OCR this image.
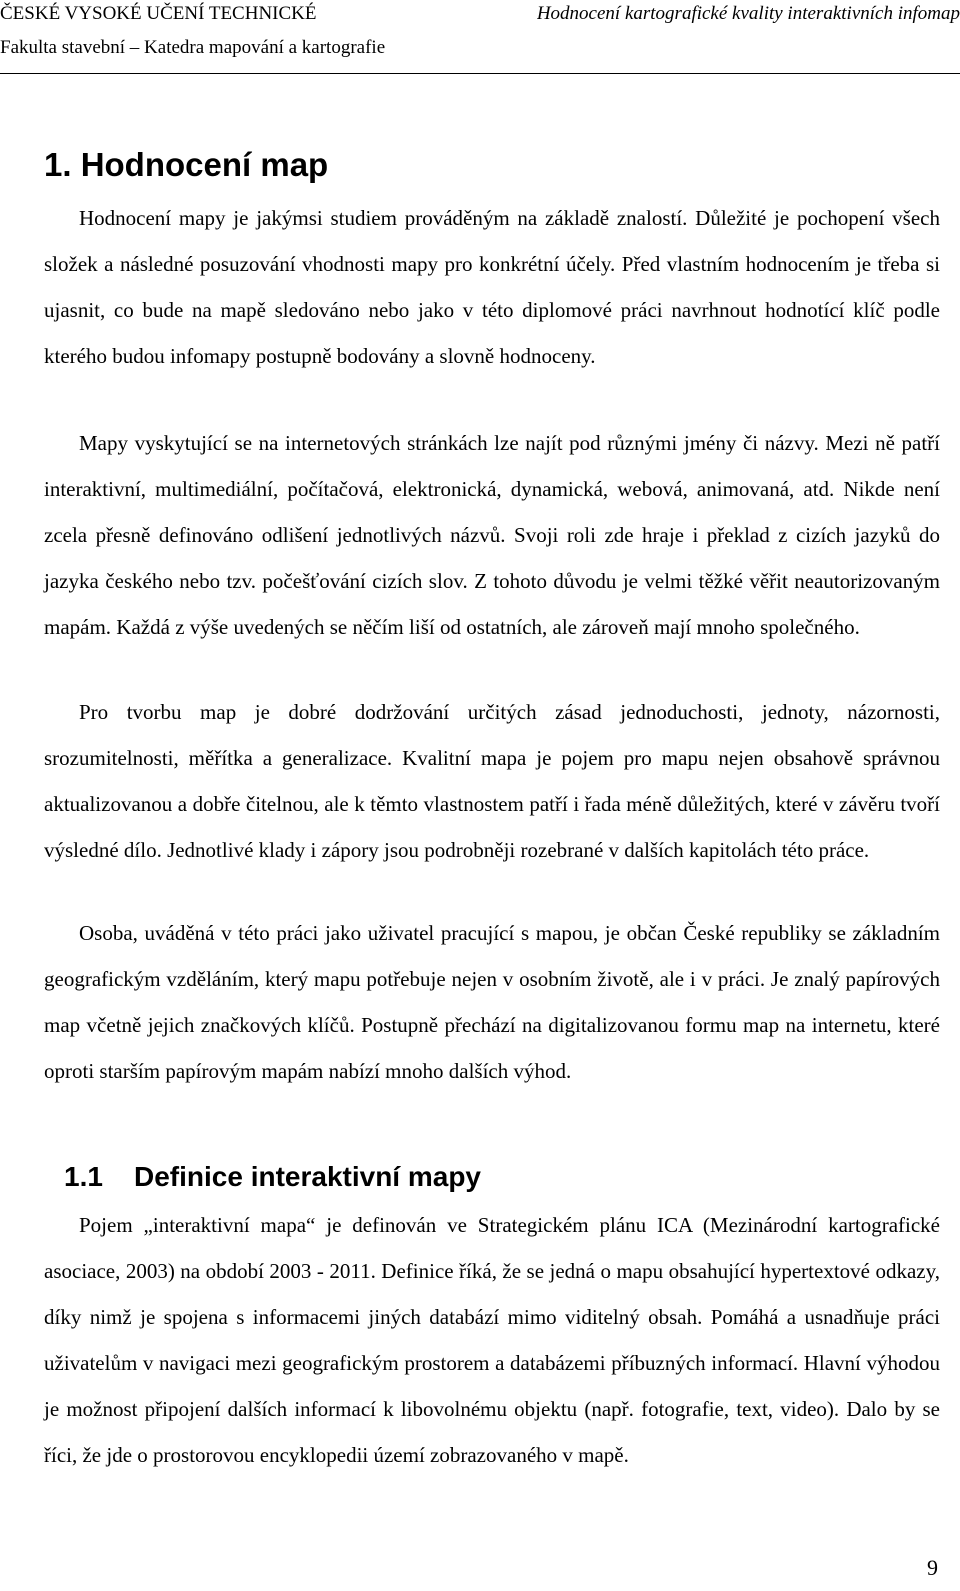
ČESKÉ VYSOKÉ UČENÍ TECHNICKÉ
Fakulta stavební – Katedra mapování a kartografie
Hodnocení kartografické kvality interaktivních infomap
1. Hodnocení map

Hodnocení mapy je jakýmsi studiem prováděným na základě znalostí. Důležité je pochopení všech složek a následné posuzování vhodnosti mapy pro konkrétní účely. Před vlastním hodnocením je třeba si ujasnit, co bude na mapě sledováno nebo jako v této diplomové práci navrhnout hodnotící klíč podle kterého budou infomapy postupně bodovány a slovně hodnoceny.

Mapy vyskytující se na internetových stránkách lze najít pod různými jmény či názvy. Mezi ně patří interaktivní, multimediální, počítačová, elektronická, dynamická, webová, animovaná, atd. Nikde není zcela přesně definováno odlišení jednotlivých názvů. Svoji roli zde hraje i překlad z cizích jazyků do jazyka českého nebo tzv. počešťování cizích slov. Z tohoto důvodu je velmi těžké věřit neautorizovaným mapám. Každá z výše uvedených se něčím liší od ostatních, ale zároveň mají mnoho společného.

Pro tvorbu map je dobré dodržování určitých zásad jednoduchosti, jednoty, názornosti, srozumitelnosti, měřítka a generalizace. Kvalitní mapa je pojem pro mapu nejen obsahově správnou aktualizovanou a dobře čitelnou, ale k těmto vlastnostem patří i řada méně důležitých, které v závěru tvoří výsledné dílo. Jednotlivé klady i zápory jsou podrobněji rozebrané v dalších kapitolách této práce.

Osoba, uváděná v této práci jako uživatel pracující s mapou, je občan České republiky se základním geografickým vzděláním, který mapu potřebuje nejen v osobním životě, ale i v práci. Je znalý papírových map včetně jejich značkových klíčů. Postupně přechází na digitalizovanou formu map na internetu, které oproti starším papírovým mapám nabízí mnoho dalších výhod.

1.1 Definice interaktivní mapy

Pojem „interaktivní mapa“ je definován ve Strategickém plánu ICA (Mezinárodní kartografické asociace, 2003) na období 2003 - 2011. Definice říká, že se jedná o mapu obsahující hypertextové odkazy, díky nimž je spojena s informacemi jiných databází mimo viditelný obsah. Pomáhá a usnadňuje práci uživatelům v navigaci mezi geografickým prostorem a databázemi příbuzných informací. Hlavní výhodou je možnost připojení dalších informací k libovolnému objektu (např. fotografie, text, video). Dalo by se říci, že jde o prostorovou encyklopedii území zobrazovaného v mapě.

9
